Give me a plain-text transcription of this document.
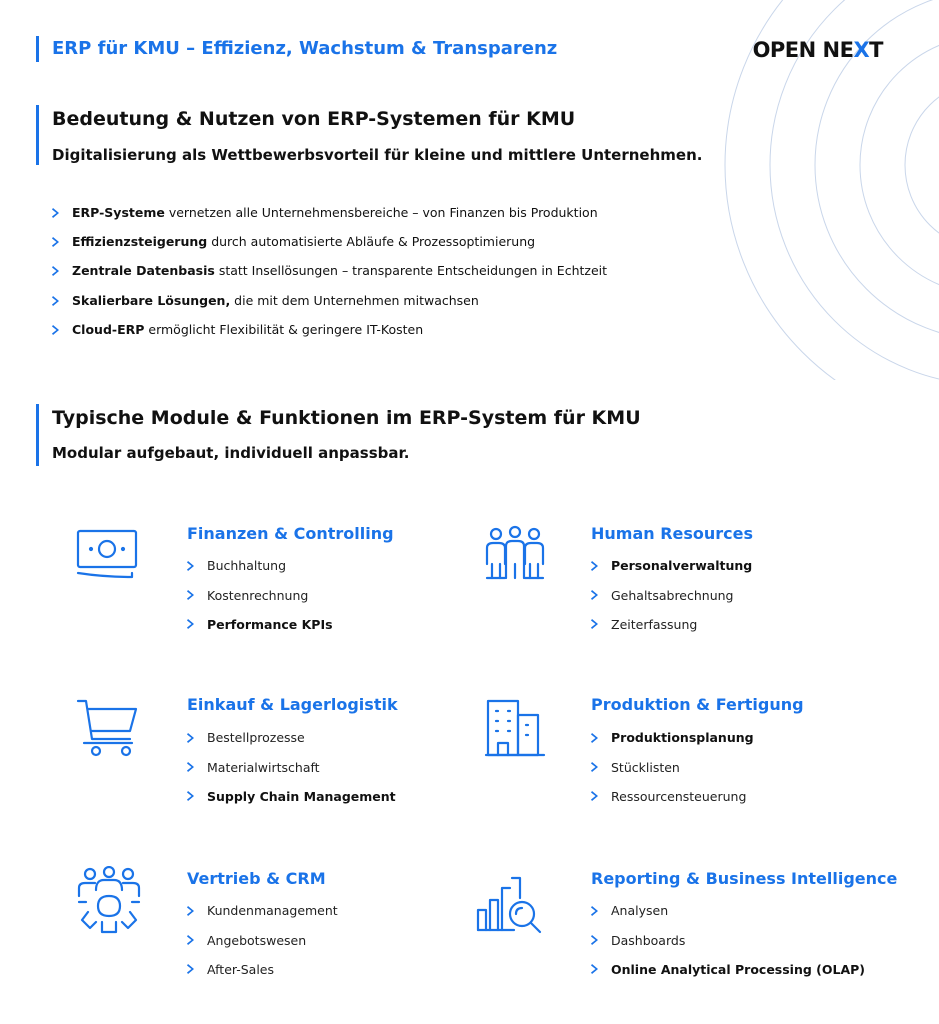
ERP für KMU – Effizienz, Wachstum & Transparenz	OPEN NEXT
Bedeutung & Nutzen von ERP-Systemen für KMU
Digitalisierung als Wettbewerbsvorteil für kleine und mittlere Unternehmen.
ERP-Systeme vernetzen alle Unternehmensbereiche – von Finanzen bis Produktion
Effizienzsteigerung durch automatisierte Abläufe & Prozessoptimierung
Zentrale Datenbasis statt Insellösungen – transparente Entscheidungen in Echtzeit
Skalierbare Lösungen, die mit dem Unternehmen mitwachsen
Cloud-ERP ermöglicht Flexibilität & geringere IT-Kosten
Typische Module & Funktionen im ERP-System für KMU
Modular aufgebaut, individuell anpassbar.
Finanzen & Controlling
Buchhaltung
Kostenrechnung
Performance KPIs
Human Resources
Personalverwaltung
Gehaltsabrechnung
Zeiterfassung
Einkauf & Lagerlogistik
Bestellprozesse
Materialwirtschaft
Supply Chain Management
Produktion & Fertigung
Produktionsplanung
Stücklisten
Ressourcensteuerung
Vertrieb & CRM
Kundenmanagement
Angebotswesen
After-Sales
Reporting & Business Intelligence
Analysen
Dashboards
Online Analytical Processing (OLAP)
